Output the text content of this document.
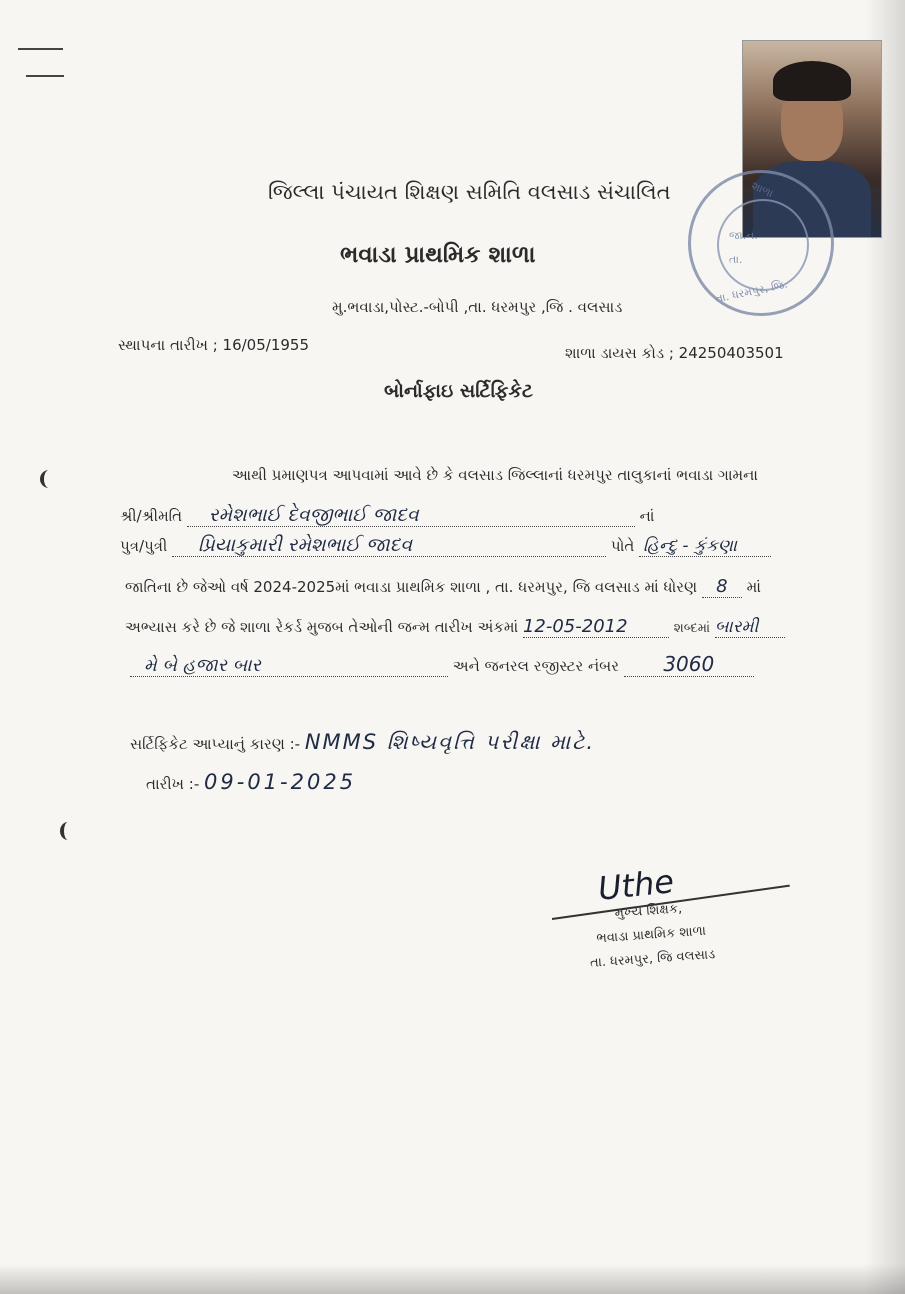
શાળા
જા.નં.
તા.
તા. ધરમપુર, જિ.
જિલ્લા પંચાયત શિક્ષણ સમિતિ વલસાડ સંચાલિત
ભવાડા પ્રાથમિક શાળા
મુ.ભવાડા,પોસ્ટ.-બોપી ,તા. ધરમપુર ,જિ . વલસાડ
સ્થાપના તારીખ ; 16/05/1955	શાળા ડાયસ કોડ ; 24250403501
બોર્નાફાઇ સર્ટિફિકેટ
આથી પ્રમાણપત્ર આપવામાં આવે છે કે વલસાડ જિલ્લાનાં ધરમપુર તાલુકાનાં ભવાડા ગામના
શ્રી/શ્રીમતિ રમેશભાઈ દેવજીભાઈ જાદવ	નાં
પુત્ર/પુત્રી પ્રિયાકુમારી રમેશભાઈ જાદવ	પોતે હિન્દુ - કુંકણા
જાતિના છે જેઓ વર્ષ 2024-2025માં ભવાડા પ્રાથમિક શાળા , તા. ધરમપુર, જિ વલસાડ માં ધોરણ 8 માં
અભ્યાસ કરે છે જે શાળા રેકર્ડ મુજબ તેઓની જન્મ તારીખ અંકમાં 12-05-2012	શબ્દમાં બારમી
મે બે હજાર બાર	અને જનરલ રજીસ્ટર નંબર 3060
સર્ટિફિકેટ આપ્યાનું કારણ :- NMMS શિષ્યવૃત્તિ પરીક્ષા માટે.
તારીખ :- 09-01-2025
Uthe
મુખ્ય શિક્ષક,
ભવાડા પ્રાથમિક શાળા
તા. ધરમપુર, જિ વલસાડ
